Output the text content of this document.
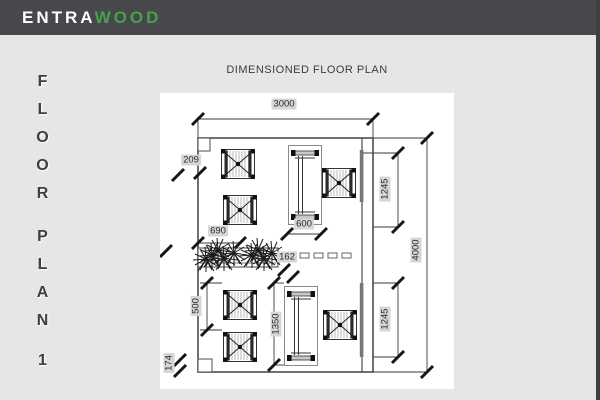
ENTRAWOOD
FLOOR
PLAN
1
DIMENSIONED FLOOR PLAN
3000
209
690
600
162
1245
4000
1245
500
1350
174
